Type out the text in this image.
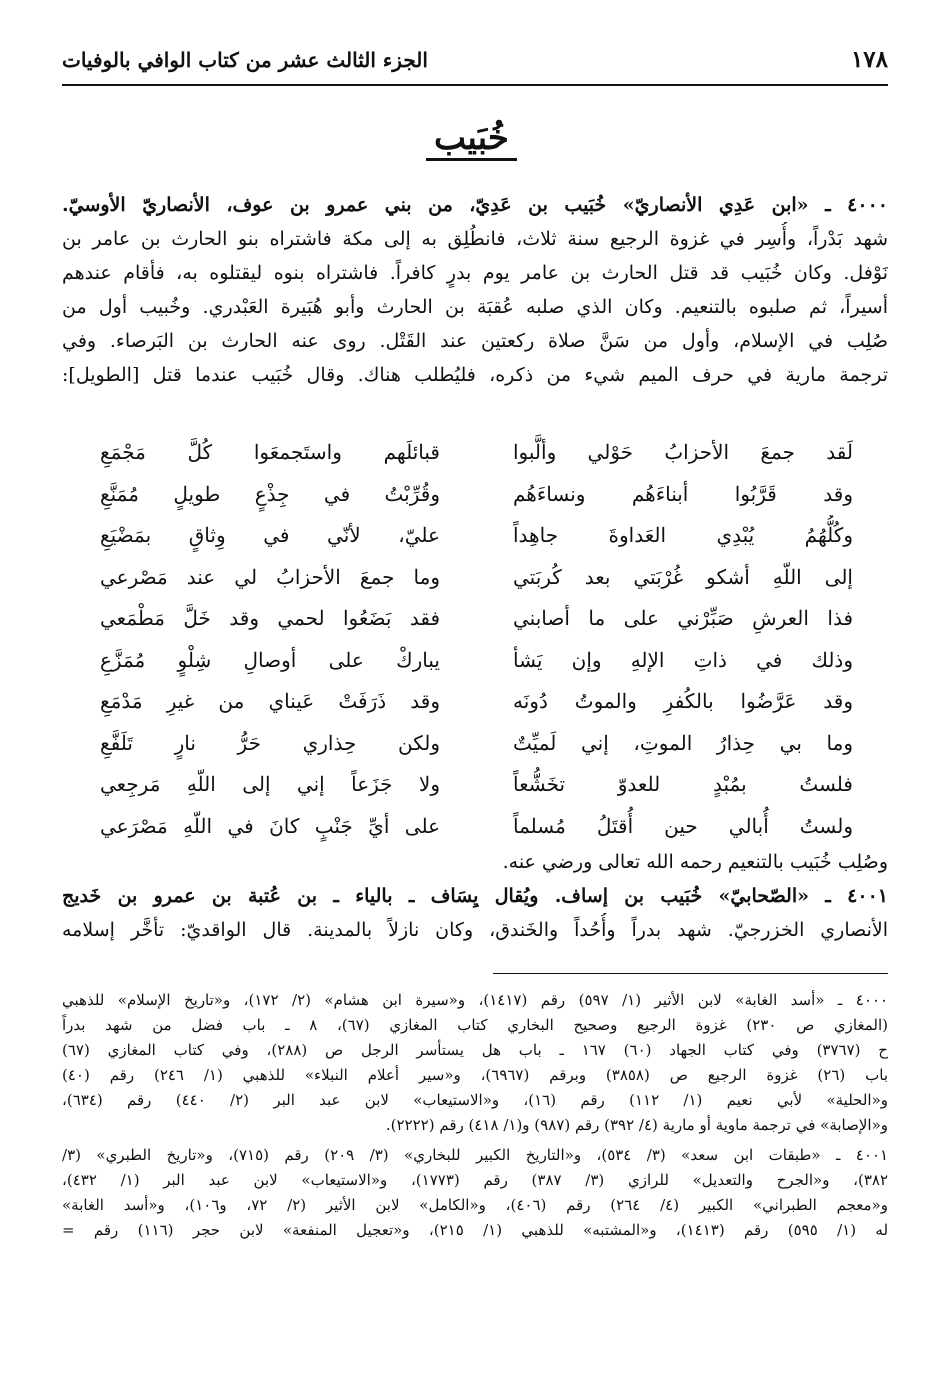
١٧٨
الجزء الثالث عشر من كتاب الوافي بالوفيات
خُبَيب
٤٠٠٠ ـ «ابن عَدِي الأنصاريّ» خُبَيب بن عَدِيّ، من بني عمرو بن عوف، الأنصاريّ الأوسيّ.
شهد بَدْراً، وأُسِر في غزوة الرجيع سنة ثلاث، فانطُلِق به إلى مكة فاشتراه بنو الحارث بن عامر بن
نَوْفل. وكان خُبَيب قد قتل الحارث بن عامر يوم بدرٍ كافراً. فاشتراه بنوه ليقتلوه به، فأقام عندهم
أسيراً، ثم صلبوه بالتنعيم. وكان الذي صلبه عُقبَة بن الحارث وأبو هُبَيرة العَبْدري. وخُبيب أول من
صُلِب في الإسلام، وأول من سَنَّ صلاة ركعتين عند القَتْل. روى عنه الحارث بن البَرصاء. وفي
ترجمة مارية في حرف الميم شيء من ذكره، فليُطلب هناك. وقال خُبَيب عندما قتل [الطويل]:
لَقد جمعَ الأحزابُ حَوْلي وألَّبوا
قبائلَهم واستَجمعَوا كُلَّ مَجْمَعِ
وقد قَرَّبُوا أبناءَهُم ونساءَهُم
وقُرِّبْتُ في جِذْعٍ طويلٍ مُمَنَّعِ
وكُلُّهُمُ يُبْدِي العَداوةَ جاهِداً
عليّ، لأنّي في وِثاقٍ بمَضْيَعِ
إلى اللّهِ أشكو غُرْبَتي بعد كُربَتي
وما جمعَ الأحزابُ لي عند مَصْرعي
فذا العرشِ صَبِّرْني على ما أصابني
فقد بَضَعُوا لحمي وقد خَلَّ مَطْمَعي
وذلك في ذاتِ الإلهِ وإن يَشأ
يباركْ على أوصالِ شِلْوٍ مُمَزَّعِ
وقد عَرَّضُوا بالكُفرِ والموتُ دُونَه
وقد ذَرَفَتْ عَيناي من غيرِ مَدْمَعِ
وما بي حِذارُ الموتِ، إني لَميِّتٌ
ولكن حِذاري حَرُّ نارٍ تَلَفَّعِ
فلستُ بمُبْدٍ للعدوّ تخَشُّعاً
ولا جَزَعاً إني إلى اللّهِ مَرجِعي
ولستُ أُبالي حين أُقتَلُ مُسلماً
على أيِّ جَنْبٍ كانَ في اللّهِ مَصْرَعي
وصُلِب خُبَيب بالتنعيم رحمه الله تعالى ورضي عنه.
٤٠٠١ ـ «الصّحابيّ» خُبَيب بن إساف. ويُقال يِسَاف ـ بالياء ـ بن عُتبة بن عمرو بن خَديج
الأنصاري الخزرجيّ. شهد بدراً وأُحُداً والخَندق، وكان نازلاً بالمدينة. قال الواقديّ: تأخَّر إسلامه
٤٠٠٠ ـ «أسد الغابة» لابن الأثير (١/ ٥٩٧) رقم (١٤١٧)، و«سيرة ابن هشام» (٢/ ١٧٢)، و«تاريخ الإسلام» للذهبي
(المغازي ص ٢٣٠) غزوة الرجيع وصحيح البخاري كتاب المغازي (٦٧)، ٨ ـ باب فضل من شهد بدراً
ح (٣٧٦٧) وفي كتاب الجهاد (٦٠) ١٦٧ ـ باب هل يستأسر الرجل ص (٢٨٨)، وفي كتاب المغازي (٦٧)
باب (٢٦) غزوة الرجيع ص (٣٨٥٨) وبرقم (٦٩٦٧)، و«سير أعلام النبلاء» للذهبي (١/ ٢٤٦) رقم (٤٠)
و«الحلية» لأبي نعيم (١/ ١١٢) رقم (١٦)، و«الاستيعاب» لابن عبد البر (٢/ ٤٤٠) رقم (٦٣٤)،
و«الإصابة» في ترجمة ماوية أو مارية (٤/ ٣٩٢) رقم (٩٨٧) و(١/ ٤١٨) رقم (٢٢٢٢).
٤٠٠١ ـ «طبقات ابن سعد» (٣/ ٥٣٤)، و«التاريخ الكبير للبخاري» (٣/ ٢٠٩) رقم (٧١٥)، و«تاريخ الطبري» (٣/
٣٨٢)، و«الجرح والتعديل» للرازي (٣/ ٣٨٧) رقم (١٧٧٣)، و«الاستيعاب» لابن عبد البر (١/ ٤٣٢)،
و«معجم الطبراني» الكبير (٤/ ٢٦٤) رقم (٤٠٦)، و«الكامل» لابن الأثير (٢/ ٧٢، و١٠٦)، و«أسد الغابة»
له (١/ ٥٩٥) رقم (١٤١٣)، و«المشتبه» للذهبي (١/ ٢١٥)، و«تعجيل المنفعة» لابن حجر (١١٦) رقم =
